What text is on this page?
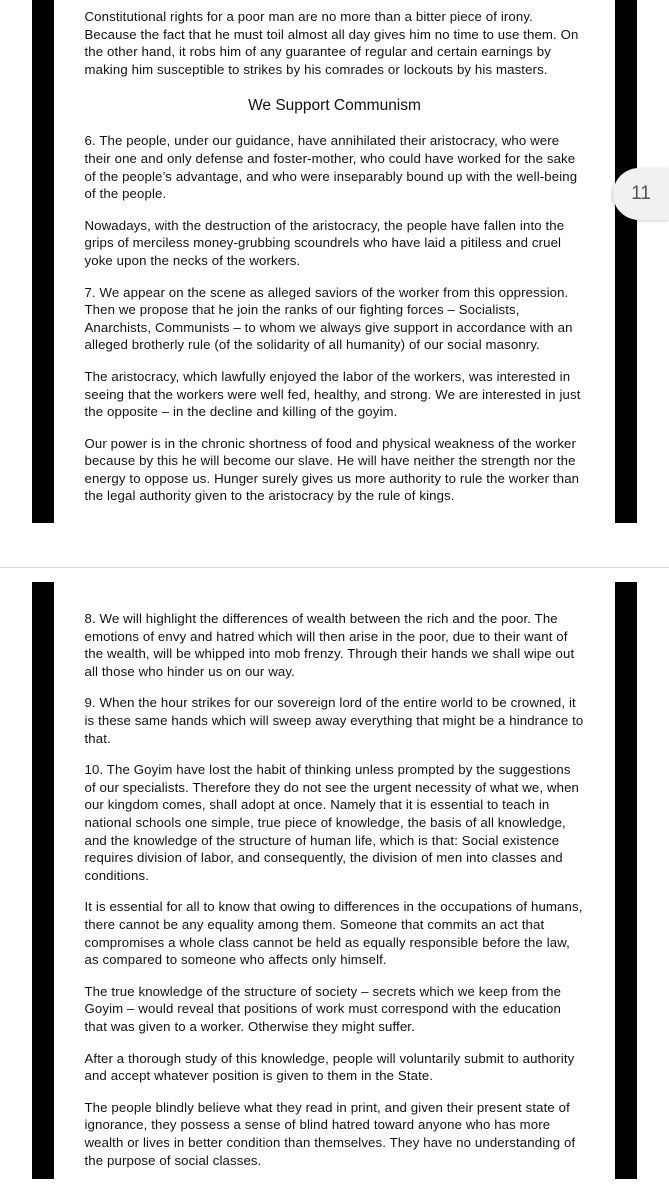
Constitutional rights for a poor man are no more than a bitter piece of irony. Because the fact that he must toil almost all day gives him no time to use them. On the other hand, it robs him of any guarantee of regular and certain earnings by making him susceptible to strikes by his comrades or lockouts by his masters.

We Support Communism

6. The people, under our guidance, have annihilated their aristocracy, who were their one and only defense and foster-mother, who could have worked for the sake of the people’s advantage, and who were inseparably bound up with the well-being of the people.

Nowadays, with the destruction of the aristocracy, the people have fallen into the grips of merciless money-grubbing scoundrels who have laid a pitiless and cruel yoke upon the necks of the workers.

7. We appear on the scene as alleged saviors of the worker from this oppression. Then we propose that he join the ranks of our fighting forces – Socialists, Anarchists, Communists – to whom we always give support in accordance with an alleged brotherly rule (of the solidarity of all humanity) of our social masonry.

The aristocracy, which lawfully enjoyed the labor of the workers, was interested in seeing that the workers were well fed, healthy, and strong. We are interested in just the opposite – in the decline and killing of the goyim.

Our power is in the chronic shortness of food and physical weakness of the worker because by this he will become our slave. He will have neither the strength nor the energy to oppose us. Hunger surely gives us more authority to rule the worker than the legal authority given to the aristocracy by the rule of kings.

11

8. We will highlight the differences of wealth between the rich and the poor. The emotions of envy and hatred which will then arise in the poor, due to their want of the wealth, will be whipped into mob frenzy. Through their hands we shall wipe out all those who hinder us on our way.

9. When the hour strikes for our sovereign lord of the entire world to be crowned, it is these same hands which will sweep away everything that might be a hindrance to that.

10. The Goyim have lost the habit of thinking unless prompted by the suggestions of our specialists. Therefore they do not see the urgent necessity of what we, when our kingdom comes, shall adopt at once. Namely that it is essential to teach in national schools one simple, true piece of knowledge, the basis of all knowledge, and the knowledge of the structure of human life, which is that: Social existence requires division of labor, and consequently, the division of men into classes and conditions.

It is essential for all to know that owing to differences in the occupations of humans, there cannot be any equality among them. Someone that commits an act that compromises a whole class cannot be held as equally responsible before the law, as compared to someone who affects only himself.

The true knowledge of the structure of society – secrets which we keep from the Goyim – would reveal that positions of work must correspond with the education that was given to a worker. Otherwise they might suffer.

After a thorough study of this knowledge, people will voluntarily submit to authority and accept whatever position is given to them in the State.

The people blindly believe what they read in print, and given their present state of ignorance, they possess a sense of blind hatred toward anyone who has more wealth or lives in better condition than themselves. They have no understanding of the purpose of social classes.
